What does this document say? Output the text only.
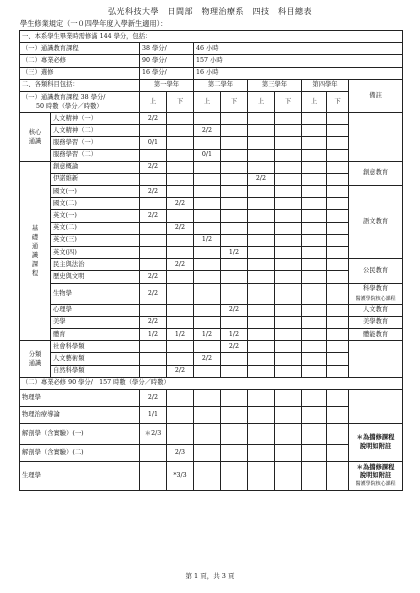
弘光科技大學　日間部　物理治療系　四技　科目總表
學生修業規定（一０四學年度入學新生適用）：
一、本系學生畢業時需修滿 144 學分，包括：										
（一）通識教育課程		38 學分/		46 小時						
（二）專業必修		90 學分/		157 小時						
（三）選修		16 學分/		16 小時						
二、各類科目包括：		第一學年		第二學年		第三學年		第四學年		備註

（一）通識教育課程 38 學分/
50 時數（學分／時數）		上	下	上	下	上	下	上	下	
核心通識	人文精神（一）	2/2								
	人文精神（二）			2/2						
	服務學習（一）	0/1								
	服務學習（二）			0/1						
基礎通識課程	創意概論	2/2								創意教育

	伊諾維新					2/2				
	國文(一)	2/2								語文教育

	國文(二)		2/2							
	英文(一)	2/2								
	英文(二)		2/2							
	英文(三)			1/2						
	英文(四)				1/2					
	民主與法治		2/2							公民教育

	歷史與文明	2/2								
	生物學	2/2								科學教育
醫護學院核心課程

	心理學				2/2					人文教育

	美學	2/2								美學教育

	體育	1/2	1/2	1/2	1/2					體能教育

分類通識	社會科學類				2/2					
	人文藝術類			2/2						
	自然科學類		2/2							
（二）專業必修 90 學分/　157 時數（學分／時數）										
物理學		2/2								
物理治療導論		1/1								
解剖學（含實驗）(一)		＊2/3								＊為擋修課程
說明如附註

解剖學（含實驗）(二)			2/3							
生理學			*3/3							＊為擋修課程
說明如附註
醫護學院核心課程
第 1 頁，共 3 頁
